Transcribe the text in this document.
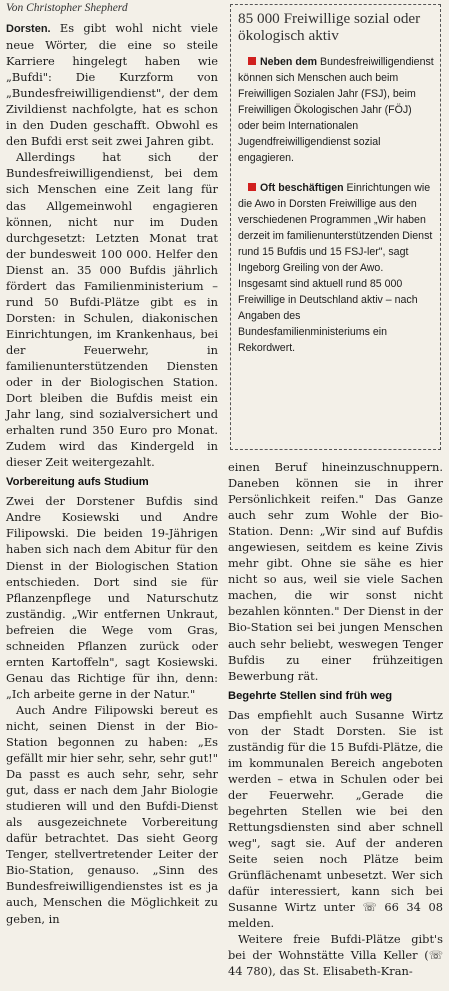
Von Christopher Shepherd

Dorsten. Es gibt wohl nicht viele neue Wörter, die eine so steile Karriere hingelegt haben wie „Bufdi": Die Kurzform von „Bundesfreiwilligendienst", der dem Zivildienst nachfolgte, hat es schon in den Duden geschafft. Obwohl es den Bufdi erst seit zwei Jahren gibt.

Allerdings hat sich der Bundesfreiwilligendienst, bei dem sich Menschen eine Zeit lang für das Allgemeinwohl engagieren können, nicht nur im Duden durchgesetzt: Letzten Monat trat der bundesweit 100 000. Helfer den Dienst an. 35 000 Bufdis jährlich fördert das Familienministerium – rund 50 Bufdi-Plätze gibt es in Dorsten: in Schulen, diakonischen Einrichtungen, im Krankenhaus, bei der Feuerwehr, in familienunterstützenden Diensten oder in der Biologischen Station. Dort bleiben die Bufdis meist ein Jahr lang, sind sozialversichert und erhalten rund 350 Euro pro Monat. Zudem wird das Kindergeld in dieser Zeit weitergezahlt.

Vorbereitung aufs Studium

Zwei der Dorstener Bufdis sind Andre Kosiewski und Andre Filipowski. Die beiden 19-Jährigen haben sich nach dem Abitur für den Dienst in der Biologischen Station entschieden. Dort sind sie für Pflanzenpflege und Naturschutz zuständig. „Wir entfernen Unkraut, befreien die Wege vom Gras, schneiden Pflanzen zurück oder ernten Kartoffeln", sagt Kosiewski. Genau das Richtige für ihn, denn: „Ich arbeite gerne in der Natur."

Auch Andre Filipowski bereut es nicht, seinen Dienst in der Bio-Station begonnen zu haben: „Es gefällt mir hier sehr, sehr, sehr gut!" Da passt es auch sehr, sehr, sehr gut, dass er nach dem Jahr Biologie studieren will und den Bufdi-Dienst als ausgezeichnete Vorbereitung dafür betrachtet. Das sieht Georg Tenger, stellvertretender Leiter der Bio-Station, genauso. „Sinn des Bundesfreiwilligendienstes ist es ja auch, Menschen die Möglichkeit zu geben, in

85 000 Freiwillige sozial oder ökologisch aktiv

Neben dem Bundesfreiwilligendienst können sich Menschen auch beim Freiwilligen Sozialen Jahr (FSJ), beim Freiwilligen Ökologischen Jahr (FÖJ) oder beim Internationalen Jugendfreiwilligendienst sozial engagieren.

Oft beschäftigen Einrichtungen wie die Awo in Dorsten Freiwillige aus den verschiedenen Programmen „Wir haben derzeit im familienunterstützenden Dienst rund 15 Bufdis und 15 FSJ-ler", sagt Ingeborg Greiling von der Awo. Insgesamt sind aktuell rund 85 000 Freiwillige in Deutschland aktiv – nach Angaben des Bundesfamilienministeriums ein Rekordwert.

einen Beruf hineinzuschnuppern. Daneben können sie in ihrer Persönlichkeit reifen." Das Ganze auch sehr zum Wohle der Bio-Station. Denn: „Wir sind auf Bufdis angewiesen, seitdem es keine Zivis mehr gibt. Ohne sie sähe es hier nicht so aus, weil sie viele Sachen machen, die wir sonst nicht bezahlen könnten." Der Dienst in der Bio-Station sei bei jungen Menschen auch sehr beliebt, weswegen Tenger Bufdis zu einer frühzeitigen Bewerbung rät.

Begehrte Stellen sind früh weg

Das empfiehlt auch Susanne Wirtz von der Stadt Dorsten. Sie ist zuständig für die 15 Bufdi-Plätze, die im kommunalen Bereich angeboten werden – etwa in Schulen oder bei der Feuerwehr. „Gerade die begehrten Stellen wie bei den Rettungsdiensten sind aber schnell weg", sagt sie. Auf der anderen Seite seien noch Plätze beim Grünflächenamt unbesetzt. Wer sich dafür interessiert, kann sich bei Susanne Wirtz unter ☏ 66 34 08 melden.

Weitere freie Bufdi-Plätze gibt's bei der Wohnstätte Villa Keller (☏ 44 780), das St. Elisabeth-Kran-
